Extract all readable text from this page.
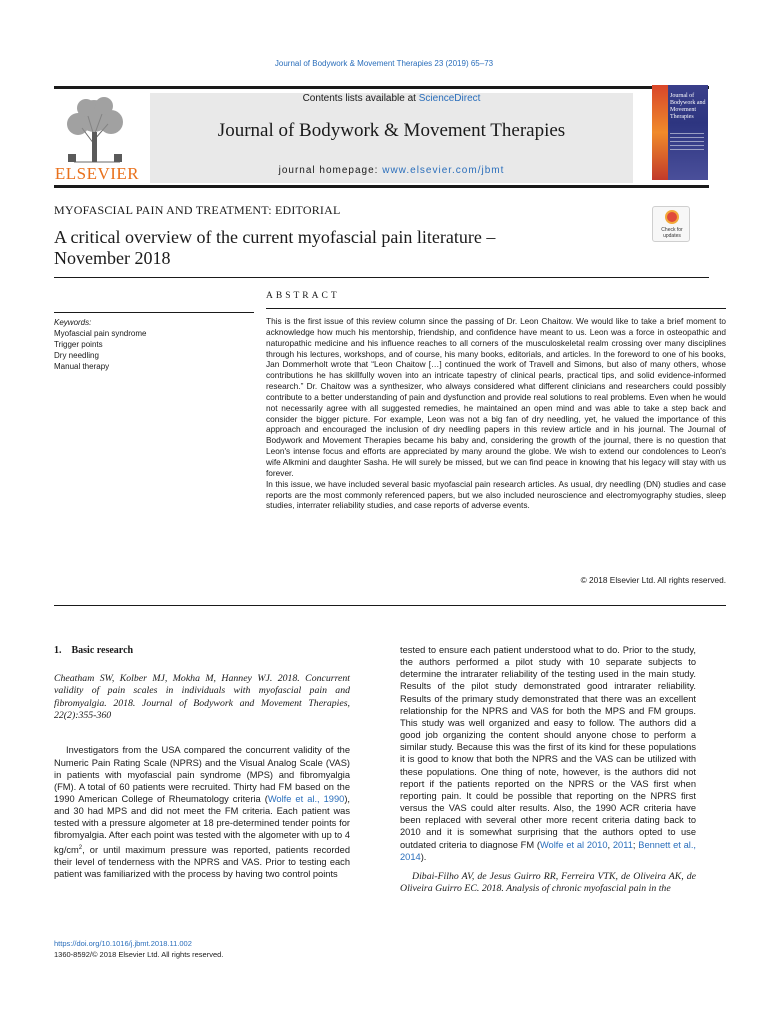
Journal of Bodywork & Movement Therapies 23 (2019) 65–73
ELSEVIER
Contents lists available at ScienceDirect
Journal of Bodywork & Movement Therapies
journal homepage: www.elsevier.com/jbmt
Journal of Bodywork and Movement Therapies
MYOFASCIAL PAIN AND TREATMENT: EDITORIAL
A critical overview of the current myofascial pain literature – November 2018
Check for updates
ABSTRACT
Keywords:
Myofascial pain syndrome
Trigger points
Dry needling
Manual therapy

This is the first issue of this review column since the passing of Dr. Leon Chaitow. We would like to take a brief moment to acknowledge how much his mentorship, friendship, and confidence have meant to us. Leon was a force in osteopathic and naturopathic medicine and his influence reaches to all corners of the musculoskeletal realm crossing over many disciplines through his lectures, workshops, and of course, his many books, editorials, and articles. In the foreword to one of his books, Jan Dommerholt wrote that “Leon Chaitow […] continued the work of Travell and Simons, but also of many others, whose contributions he has skillfully woven into an intricate tapestry of clinical pearls, practical tips, and solid evidence-informed research.” Dr. Chaitow was a synthesizer, who always considered what different clinicians and researchers could possibly contribute to a better understanding of pain and dysfunction and provide real solutions to real problems. Even when he would not necessarily agree with all suggested remedies, he maintained an open mind and was able to take a step back and consider the bigger picture. For example, Leon was not a big fan of dry needling, yet, he valued the importance of this approach and encouraged the inclusion of dry needling papers in this review article and in his journal. The Journal of Bodywork and Movement Therapies became his baby and, considering the growth of the journal, there is no question that Leon's intense focus and efforts are appreciated by many around the globe. We wish to extend our condolences to Leon's wife Alkmini and daughter Sasha. He will surely be missed, but we can find peace in knowing that his legacy will stay with us forever.

In this issue, we have included several basic myofascial pain research articles. As usual, dry needling (DN) studies and case reports are the most commonly referenced papers, but we also included neuroscience and electromyography studies, sleep studies, interrater reliability studies, and case reports of adverse events.

© 2018 Elsevier Ltd. All rights reserved.
1. Basic research
Cheatham SW, Kolber MJ, Mokha M, Hanney WJ. 2018. Concurrent validity of pain scales in individuals with myofascial pain and fibromyalgia. 2018. Journal of Bodywork and Movement Therapies, 22(2):355-360

Investigators from the USA compared the concurrent validity of the Numeric Pain Rating Scale (NPRS) and the Visual Analog Scale (VAS) in patients with myofascial pain syndrome (MPS) and fibromyalgia (FM). A total of 60 patients were recruited. Thirty had FM based on the 1990 American College of Rheumatology criteria (Wolfe et al., 1990), and 30 had MPS and did not meet the FM criteria. Each patient was tested with a pressure algometer at 18 pre-determined tender points for fibromyalgia. After each point was tested with the algometer with up to 4 $kg/cm^2$, or until maximum pressure was reported, patients recorded their level of tenderness with the NPRS and VAS. Prior to testing each patient was familiarized with the process by having two control points

tested to ensure each patient understood what to do. Prior to the study, the authors performed a pilot study with 10 separate subjects to determine the intrarater reliability of the testing used in the main study. Results of the pilot study demonstrated good intrarater reliability. Results of the primary study demonstrated that there was an excellent relationship for the NPRS and VAS for both the MPS and FM groups. This study was well organized and easy to follow. The authors did a good job organizing the content should anyone chose to perform a similar study. Because this was the first of its kind for these populations it is good to know that both the NPRS and the VAS can be utilized with these populations. One thing of note, however, is the authors did not report if the patients reported on the NPRS or the VAS first when reporting pain. It could be possible that reporting on the NPRS first versus the VAS could alter results. Also, the 1990 ACR criteria have been replaced with several other more recent criteria dating back to 2010 and it is somewhat surprising that the authors opted to use outdated criteria to diagnose FM (Wolfe et al 2010, 2011; Bennett et al., 2014).

Dibai-Filho AV, de Jesus Guirro RR, Ferreira VTK, de Oliveira AK, de Oliveira Guirro EC. 2018. Analysis of chronic myofascial pain in the
https://doi.org/10.1016/j.jbmt.2018.11.002
1360-8592/© 2018 Elsevier Ltd. All rights reserved.
